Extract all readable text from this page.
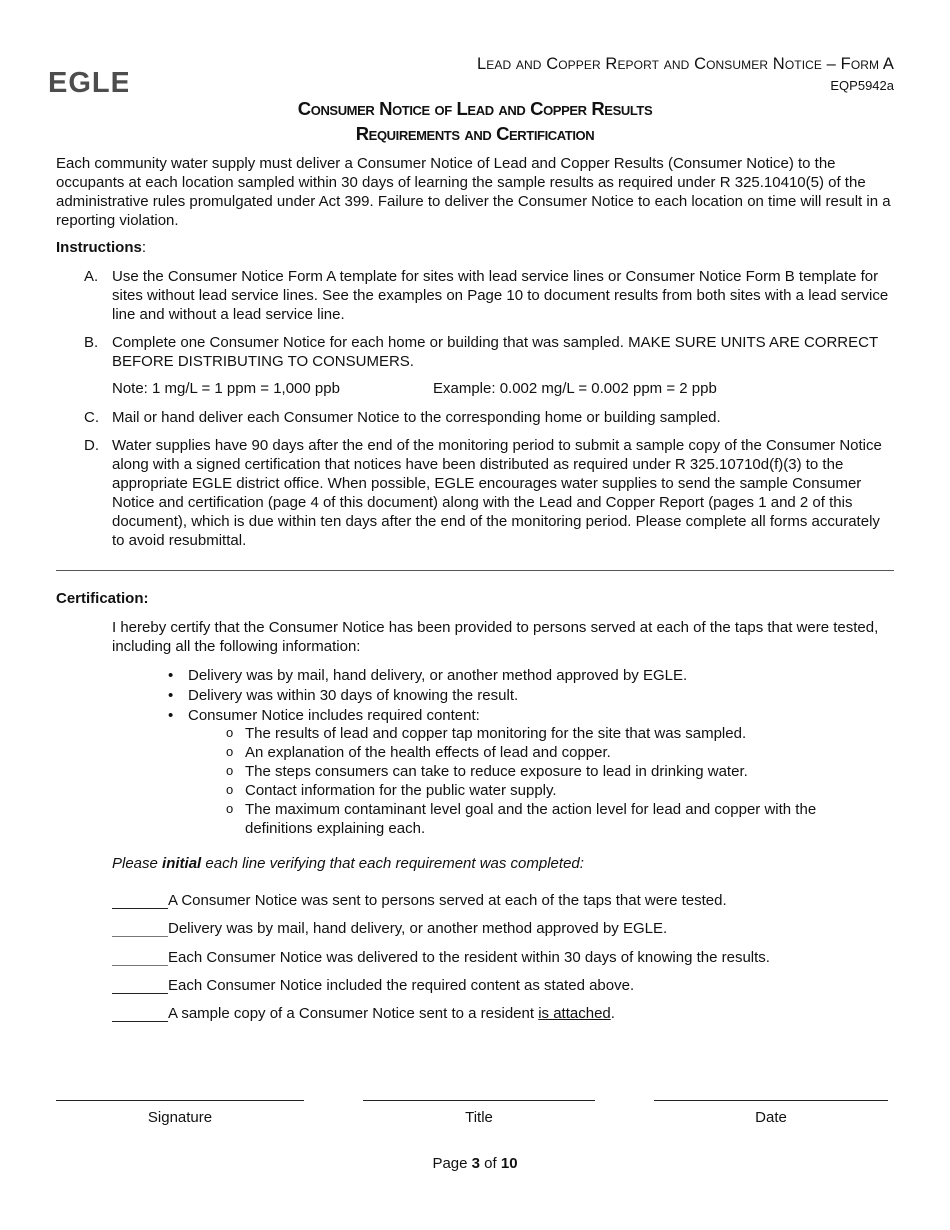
EGLE
Lead and Copper Report and Consumer Notice – Form A
EQP5942a
Consumer Notice of Lead and Copper Results
Requirements and Certification

Each community water supply must deliver a Consumer Notice of Lead and Copper Results (Consumer Notice) to the occupants at each location sampled within 30 days of learning the sample results as required under R 325.10410(5) of the administrative rules promulgated under Act 399. Failure to deliver the Consumer Notice to each location on time will result in a reporting violation.

Instructions:
A. Use the Consumer Notice Form A template for sites with lead service lines or Consumer Notice Form B template for sites without lead service lines. See the examples on Page 10 to document results from both sites with a lead service line and without a lead service line.
B. Complete one Consumer Notice for each home or building that was sampled. MAKE SURE UNITS ARE CORRECT BEFORE DISTRIBUTING TO CONSUMERS.
Note: 1 mg/L = 1 ppm = 1,000 ppb	Example: 0.002 mg/L = 0.002 ppm = 2 ppb
C. Mail or hand deliver each Consumer Notice to the corresponding home or building sampled.
D. Water supplies have 90 days after the end of the monitoring period to submit a sample copy of the Consumer Notice along with a signed certification that notices have been distributed as required under R 325.10710d(f)(3) to the appropriate EGLE district office. When possible, EGLE encourages water supplies to send the sample Consumer Notice and certification (page 4 of this document) along with the Lead and Copper Report (pages 1 and 2 of this document), which is due within ten days after the end of the monitoring period. Please complete all forms accurately to avoid resubmittal.
Certification:

I hereby certify that the Consumer Notice has been provided to persons served at each of the taps that were tested, including all the following information:

• Delivery was by mail, hand delivery, or another method approved by EGLE.
• Delivery was within 30 days of knowing the result.
• Consumer Notice includes required content:
o The results of lead and copper tap monitoring for the site that was sampled.
o An explanation of the health effects of lead and copper.
o The steps consumers can take to reduce exposure to lead in drinking water.
o Contact information for the public water supply.
o The maximum contaminant level goal and the action level for lead and copper with the definitions explaining each.
Please initial each line verifying that each requirement was completed:
A Consumer Notice was sent to persons served at each of the taps that were tested.
Delivery was by mail, hand delivery, or another method approved by EGLE.
Each Consumer Notice was delivered to the resident within 30 days of knowing the results.
Each Consumer Notice included the required content as stated above.
A sample copy of a Consumer Notice sent to a resident is attached.
Signature	Title	Date
Page 3 of 10
